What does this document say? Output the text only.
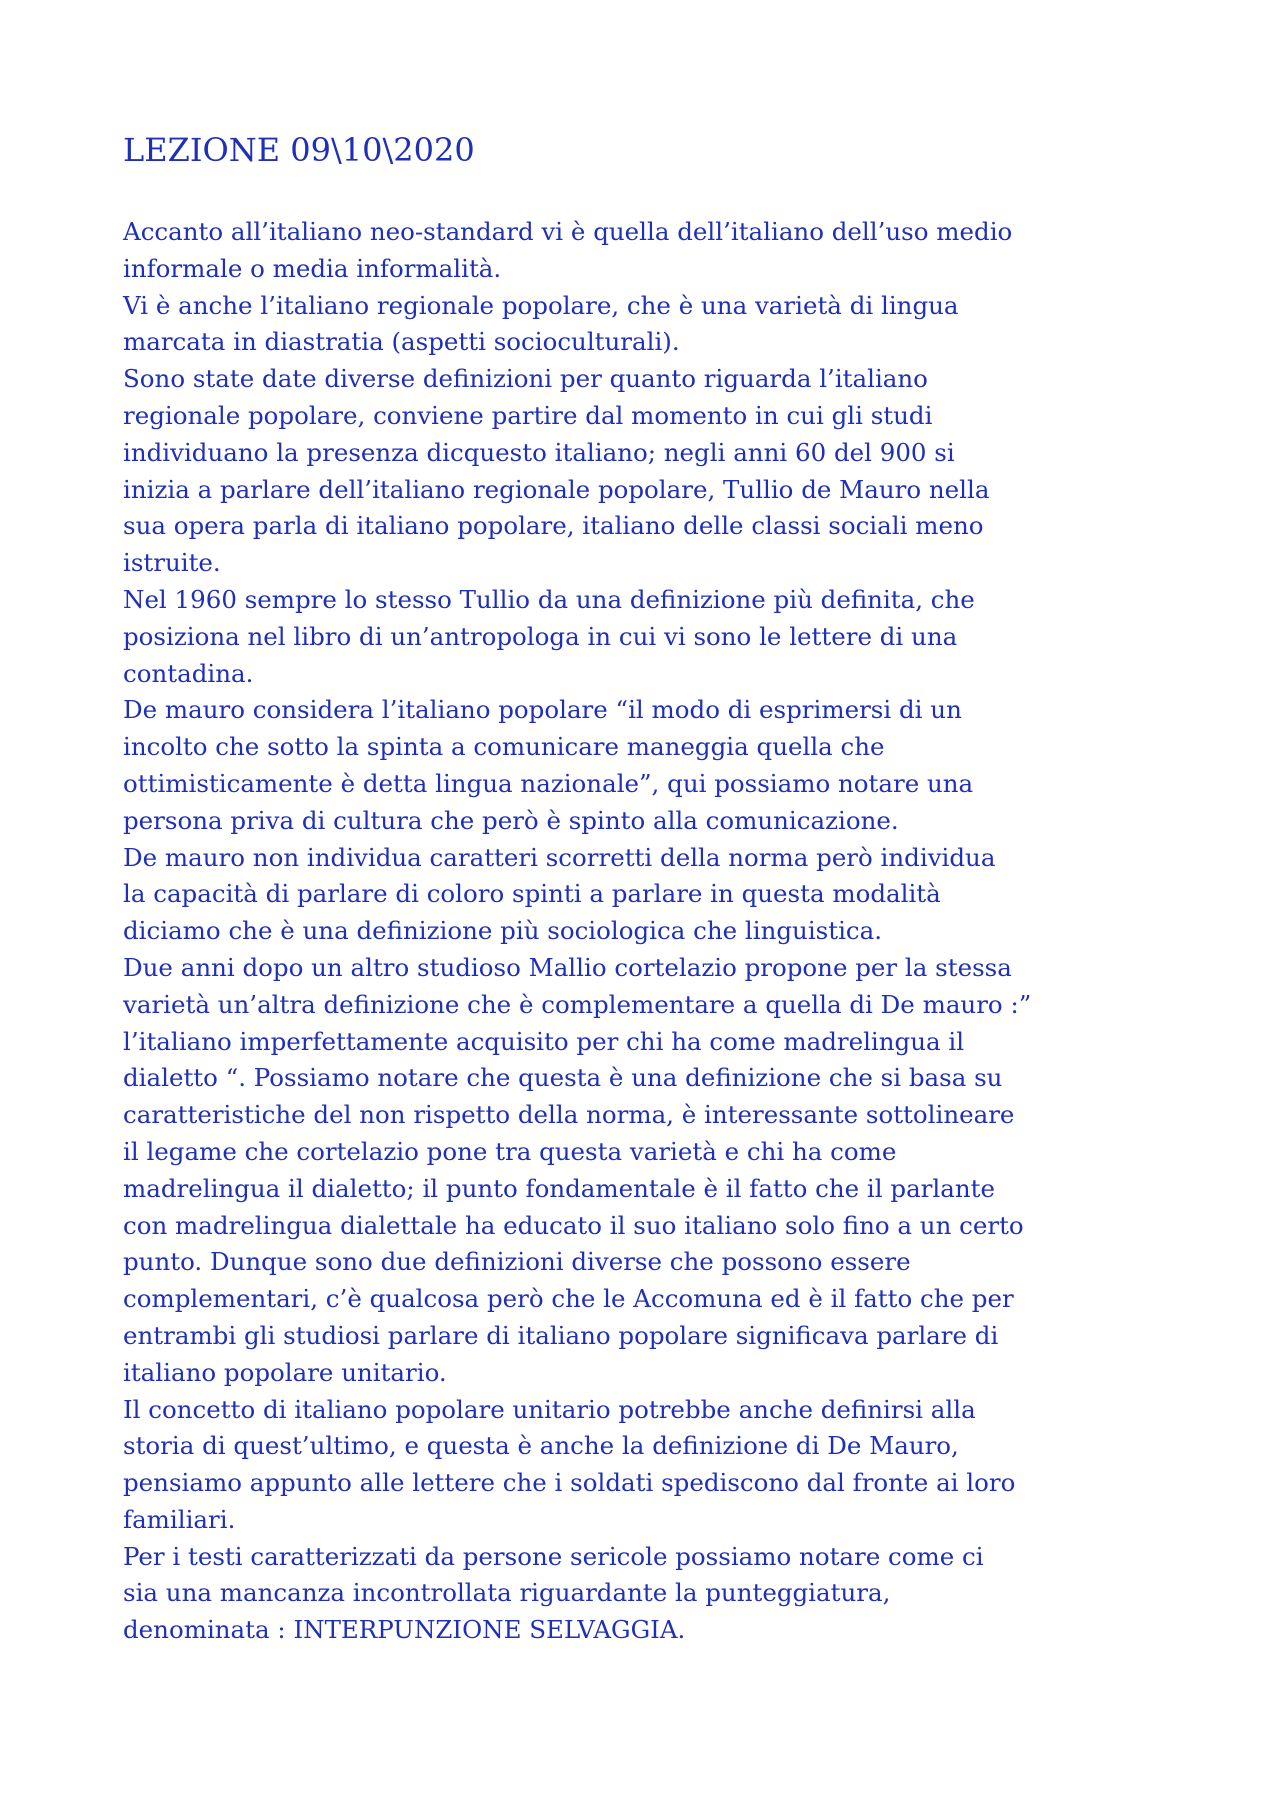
LEZIONE 09\10\2020
Accanto all’italiano neo-standard vi è quella dell’italiano dell’uso medio
informale o media informalità.
Vi è anche l’italiano regionale popolare, che è una varietà di lingua
marcata in diastratia (aspetti socioculturali).
Sono state date diverse definizioni per quanto riguarda l’italiano
regionale popolare, conviene partire dal momento in cui gli studi
individuano la presenza dicquesto italiano; negli anni 60 del 900 si
inizia a parlare dell’italiano regionale popolare, Tullio de Mauro nella
sua opera parla di italiano popolare, italiano delle classi sociali meno
istruite.
Nel 1960 sempre lo stesso Tullio da una definizione più definita, che
posiziona nel libro di un’antropologa in cui vi sono le lettere di una
contadina.
De mauro considera l’italiano popolare “il modo di esprimersi di un
incolto che sotto la spinta a comunicare maneggia quella che
ottimisticamente è detta lingua nazionale”, qui possiamo notare una
persona priva di cultura che però è spinto alla comunicazione.
De mauro non individua caratteri scorretti della norma però individua
la capacità di parlare di coloro spinti a parlare in questa modalità
diciamo che è una definizione più sociologica che linguistica.
Due anni dopo un altro studioso Mallio cortelazio propone per la stessa
varietà un’altra definizione che è complementare a quella di De mauro :”
l’italiano imperfettamente acquisito per chi ha come madrelingua il
dialetto “. Possiamo notare che questa è una definizione che si basa su
caratteristiche del non rispetto della norma, è interessante sottolineare
il legame che cortelazio pone tra questa varietà e chi ha come
madrelingua il dialetto; il punto fondamentale è il fatto che il parlante
con madrelingua dialettale ha educato il suo italiano solo fino a un certo
punto. Dunque sono due definizioni diverse che possono essere
complementari, c’è qualcosa però che le Accomuna ed è il fatto che per
entrambi gli studiosi parlare di italiano popolare significava parlare di
italiano popolare unitario.
Il concetto di italiano popolare unitario potrebbe anche definirsi alla
storia di quest’ultimo, e questa è anche la definizione di De Mauro,
pensiamo appunto alle lettere che i soldati spediscono dal fronte ai loro
familiari.
Per i testi caratterizzati da persone sericole possiamo notare come ci
sia una mancanza incontrollata riguardante la punteggiatura,
denominata : INTERPUNZIONE SELVAGGIA.
